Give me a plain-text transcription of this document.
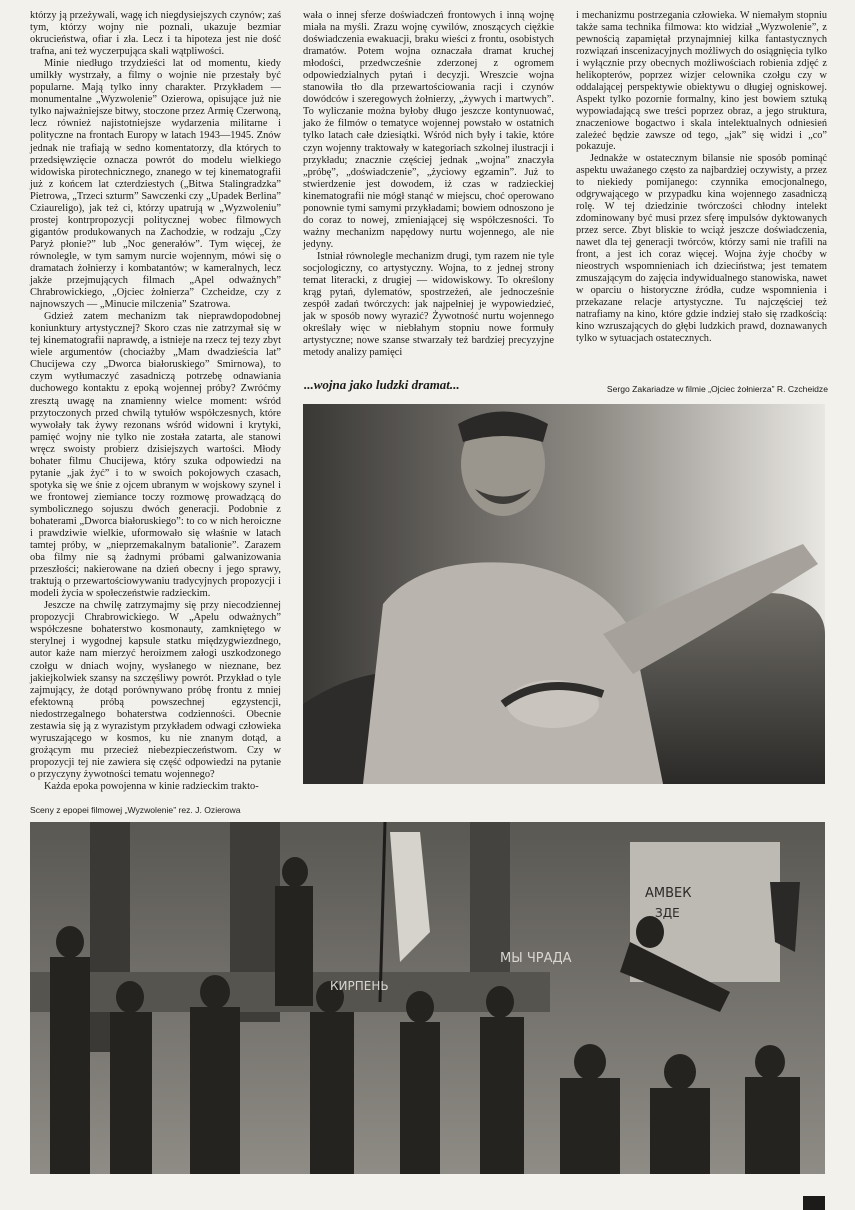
którzy ją przeżywali, wagę ich niegdysiejszych czynów; zaś tym, którzy wojny nie poznali, ukazuje bezmiar okrucieństwa, ofiar i zła. Lecz i ta hipoteza jest nie dość trafna, ani też wyczerpująca skali wątpliwości.

Minie niedługo trzydzieści lat od momentu, kiedy umilkły wystrzały, a filmy o wojnie nie przestały być popularne. Mają tylko inny charakter. Przykładem — monumentalne „Wyzwolenie” Ozierowa, opisujące już nie tylko najważniejsze bitwy, stoczone przez Armię Czerwoną, lecz również najistotniejsze wydarzenia militarne i polityczne na frontach Europy w latach 1943—1945. Znów jednak nie trafiają w sedno komentatorzy, dla których to przedsięwzięcie oznacza powrót do modelu wielkiego widowiska pirotechnicznego, znanego w tej kinematografii już z końcem lat czterdziestych („Bitwa Stalingradzka” Pietrowa, „Trzeci szturm” Sawczenki czy „Upadek Berlina” Cziaureligo), jak też ci, którzy upatrują w „Wyzwoleniu” prostej kontrpropozycji politycznej wobec filmowych gigantów produkowanych na Zachodzie, w rodzaju „Czy Paryż płonie?” lub „Noc generałów”. Tym więcej, że równolegle, w tym samym nurcie wojennym, mówi się o dramatach żołnierzy i kombatantów; w kameralnych, lecz jakże przejmujących filmach „Apel odważnych” Chrabrowickiego, „Ojciec żołnierza” Czcheidze, czy z najnowszych — „Minucie milczenia” Szatrowa.

Gdzież zatem mechanizm tak nieprawdopodobnej koniunktury artystycznej? Skoro czas nie zatrzymał się w tej kinematografii naprawdę, a istnieje na rzecz tej tezy zbyt wiele argumentów (chociażby „Mam dwadzieścia lat” Chucijewa czy „Dworca białoruskiego” Smirnowa), to czym wytłumaczyć zasadniczą potrzebę odnawiania duchowego kontaktu z epoką wojennej próby? Zwróćmy zresztą uwagę na znamienny wielce moment: wśród przytoczonych przed chwilą tytułów współczesnych, które wywołały tak żywy rezonans wśród widowni i krytyki, pamięć wojny nie tylko nie została zatarta, ale stanowi wręcz swoisty probierz dzisiejszych wartości. Młody bohater filmu Chucijewa, który szuka odpowiedzi na pytanie „jak żyć” i to w swoich pokojowych czasach, spotyka się we śnie z ojcem ubranym w wojskowy szynel i we frontowej ziemiance toczy rozmowę prowadzącą do symbolicznego sojuszu dwóch generacji. Podobnie z bohaterami „Dworca białoruskiego”: to co w nich heroiczne i prawdziwie wielkie, uformowało się właśnie w latach tamtej próby, w „nieprzemakalnym batalionie”. Zarazem oba filmy nie są żadnymi próbami galwanizowania przeszłości; nakierowane na dzień obecny i jego sprawy, traktują o przewartościowywaniu tradycyjnych propozycji i modeli życia w społeczeństwie radzieckim.

Jeszcze na chwilę zatrzymajmy się przy niecodziennej propozycji Chrabrowickiego. W „Apelu odważnych” współczesne bohaterstwo kosmonauty, zamkniętego w sterylnej i wygodnej kapsule statku międzygwiezdnego, autor każe nam mierzyć heroizmem załogi uszkodzonego czołgu w dniach wojny, wysłanego w nieznane, bez jakiejkolwiek szansy na szczęśliwy powrót. Przykład o tyle zajmujący, że dotąd porównywano próbę frontu z mniej efektowną próbą powszechnej egzystencji, niedostrzegalnego bohaterstwa codzienności. Obecnie zestawia się ją z wyrazistym przykładem odwagi człowieka wyruszającego w kosmos, ku nie znanym dotąd, a grożącym mu przecież niebezpieczeństwom. Czy w propozycji tej nie zawiera się część odpowiedzi na pytanie o przyczyny żywotności tematu wojennego?

Każda epoka powojenna w kinie radzieckim trakto-

wała o innej sferze doświadczeń frontowych i inną wojnę miała na myśli. Zrazu wojnę cywilów, znoszących ciężkie doświadczenia ewakuacji, braku wieści z frontu, osobistych dramatów. Potem wojna oznaczała dramat kruchej młodości, przedwcześnie zderzonej z ogromem odpowiedzialnych pytań i decyzji. Wreszcie wojna stanowiła tło dla przewartościowania racji i czynów dowódców i szeregowych żołnierzy, „żywych i martwych”. To wyliczanie można byłoby długo jeszcze kontynuować, jako że filmów o tematyce wojennej powstało w ostatnich tylko latach całe dziesiątki. Wśród nich były i takie, które czyn wojenny traktowały w kategoriach szkolnej ilustracji i przykładu; znacznie częściej jednak „wojna” znaczyła „próbę”, „doświadczenie”, „życiowy egzamin”. Już to stwierdzenie jest dowodem, iż czas w radzieckiej kinematografii nie mógł stanąć w miejscu, choć operowano ponownie tymi samymi przykładami; bowiem odnoszono je do coraz to nowej, zmieniającej się współczesności. To ważny mechanizm napędowy nurtu wojennego, ale nie jedyny.

Istniał równolegle mechanizm drugi, tym razem nie tyle socjologiczny, co artystyczny. Wojna, to z jednej strony temat literacki, z drugiej — widowiskowy. To określony krąg pytań, dylematów, spostrzeżeń, ale jednocześnie zespół zadań twórczych: jak najpełniej je wypowiedzieć, jak w sposób nowy wyrazić? Żywotność nurtu wojennego określały więc w niebłahym stopniu nowe formuły artystyczne; nowe szanse stwarzały też bardziej precyzyjne metody analizy pamięci

i mechanizmu postrzegania człowieka. W niemałym stopniu także sama technika filmowa: kto widział „Wyzwolenie”, z pewnością zapamiętał przynajmniej kilka fantastycznych rozwiązań inscenizacyjnych możliwych do osiągnięcia tylko i wyłącznie przy obecnych możliwościach robienia zdjęć z helikopterów, poprzez wizjer celownika czołgu czy w oddalającej perspektywie obiektywu o długiej ogniskowej. Aspekt tylko pozornie formalny, kino jest bowiem sztuką wypowiadającą swe treści poprzez obraz, a jego struktura, znaczeniowe bogactwo i skala intelektualnych odniesień zależeć będzie zawsze od tego, „jak” się widzi i „co” pokazuje.

Jednakże w ostatecznym bilansie nie sposób pominąć aspektu uważanego często za najbardziej oczywisty, a przez to niekiedy pomijanego: czynnika emocjonalnego, odgrywającego w przypadku kina wojennego zasadniczą rolę. W tej dziedzinie twórczości chłodny intelekt zdominowany być musi przez sferę impulsów dyktowanych przez serce. Zbyt bliskie to wciąż jeszcze doświadczenia, nawet dla tej generacji twórców, którzy sami nie trafili na front, a jest ich coraz więcej. Wojna żyje choćby w nieostrych wspomnieniach ich dzieciństwa; jest tematem zmuszającym do zajęcia indywidualnego stanowiska, nawet w oparciu o historyczne źródła, cudze wspomnienia i przekazane relacje artystyczne. Tu najczęściej też natrafiamy na kino, które gdzie indziej stało się rzadkością: kino wzruszających do głębi ludzkich prawd, doznawanych tylko w sytuacjach ostatecznych.

...wojna jako ludzki dramat...	Sergo Zakariadze w filmie „Ojciec żołnierza” R. Czcheidze
Sceny z epopei filmowej „Wyzwolenie” rez. J. Ozierowa
АМВЕК
ЗДЕ
КИРПЕНЬ
МЫ ЧРАДА
